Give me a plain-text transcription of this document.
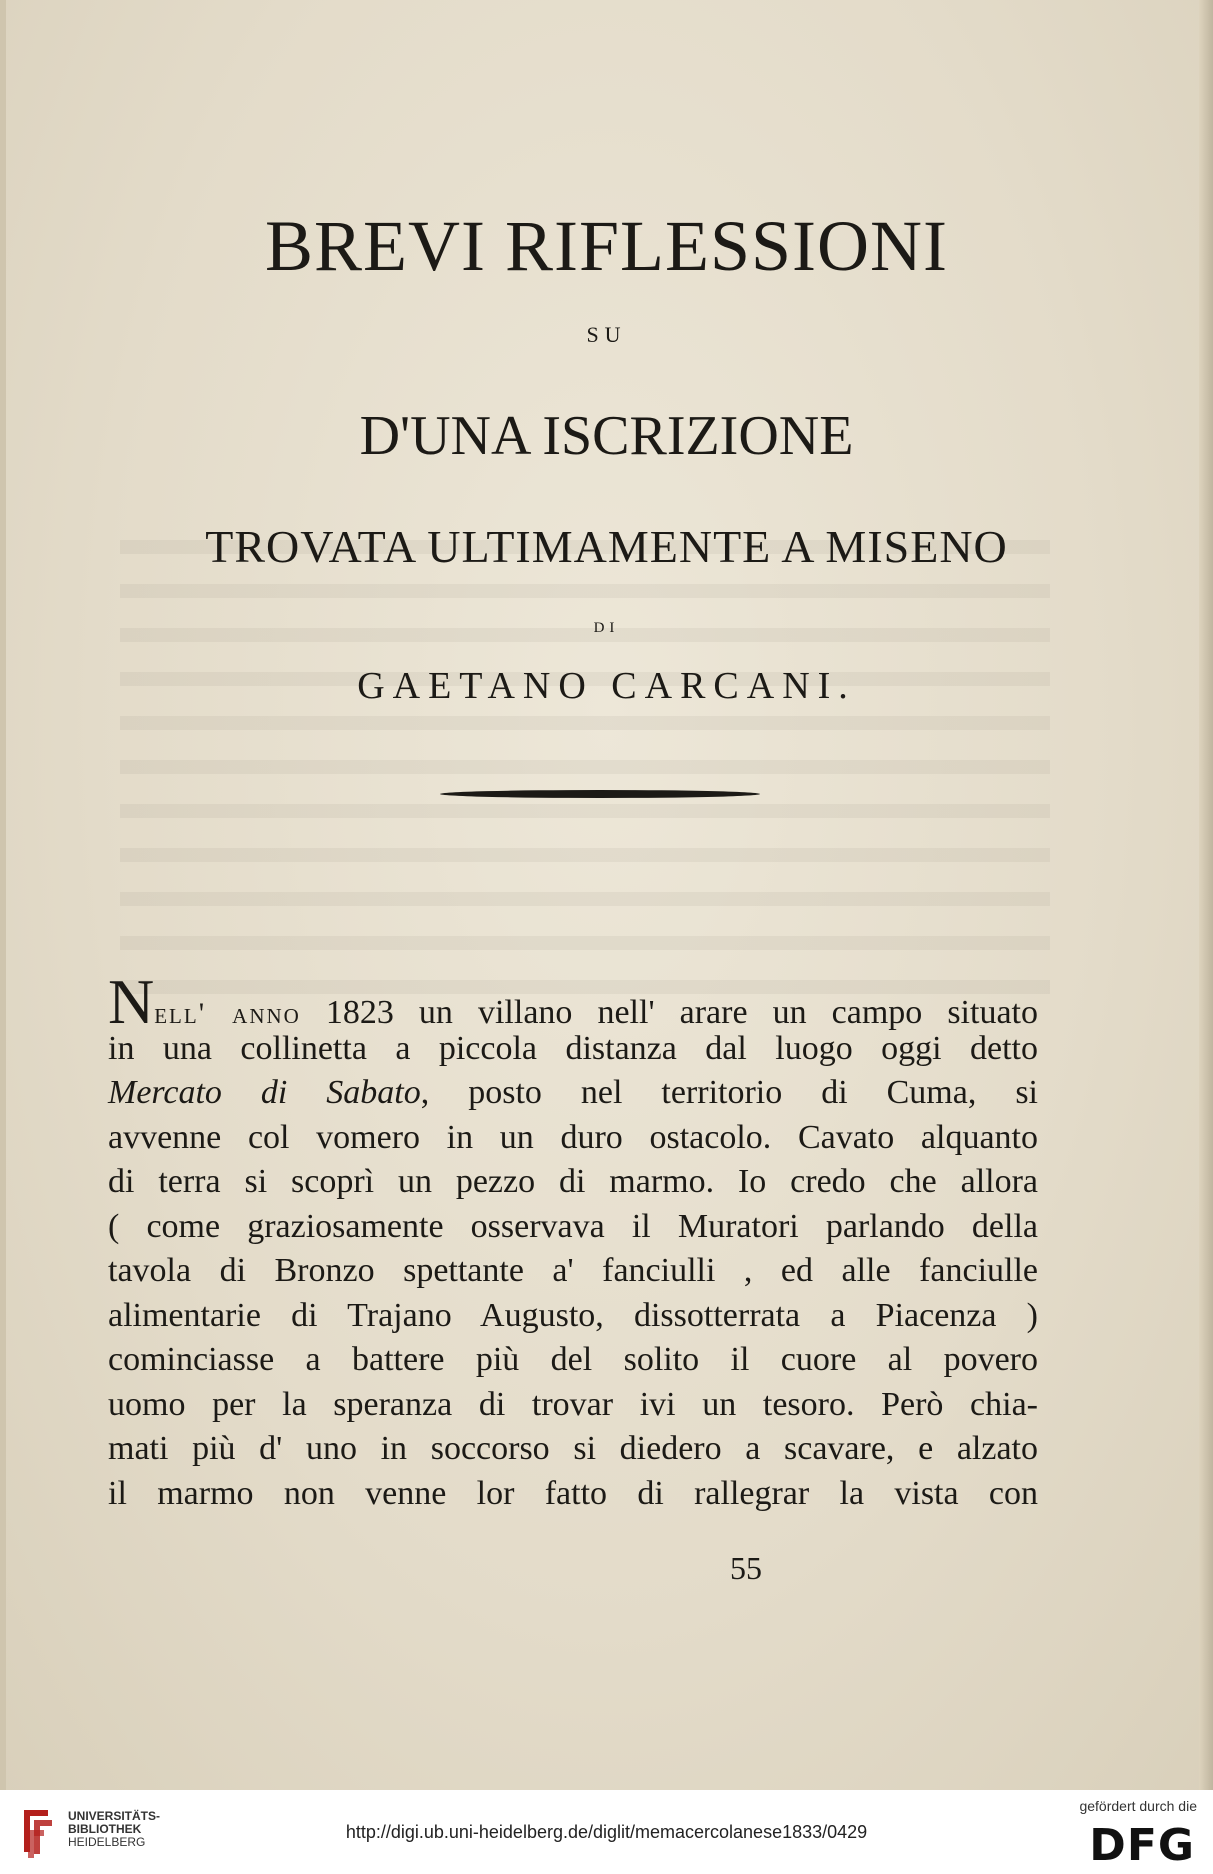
BREVI RIFLESSIONI
SU
D'UNA ISCRIZIONE
TROVATA ULTIMAMENTE A MISENO
DI
GAETANO CARCANI.
Nell' anno 1823 un villano nell' arare un campo situato
in una collinetta a piccola distanza dal luogo oggi detto
Mercato di Sabato, posto nel territorio di Cuma, si
avvenne col vomero in un duro ostacolo. Cavato alquanto
di terra si scoprì un pezzo di marmo. Io credo che allora
( come graziosamente osservava il Muratori parlando della
tavola di Bronzo spettante a' fanciulli , ed alle fanciulle
alimentarie di Trajano Augusto, dissotterrata a Piacenza )
cominciasse a battere più del solito il cuore al povero
uomo per la speranza di trovar ivi un tesoro. Però chia-
mati più d' uno in soccorso si diedero a scavare, e alzato
il marmo non venne lor fatto di rallegrar la vista con
55
UNIVERSITÄTS-
BIBLIOTHEK
HEIDELBERG	http://digi.ub.uni-heidelberg.de/diglit/memacercolanese1833/0429
gefördert durch die
DFG
